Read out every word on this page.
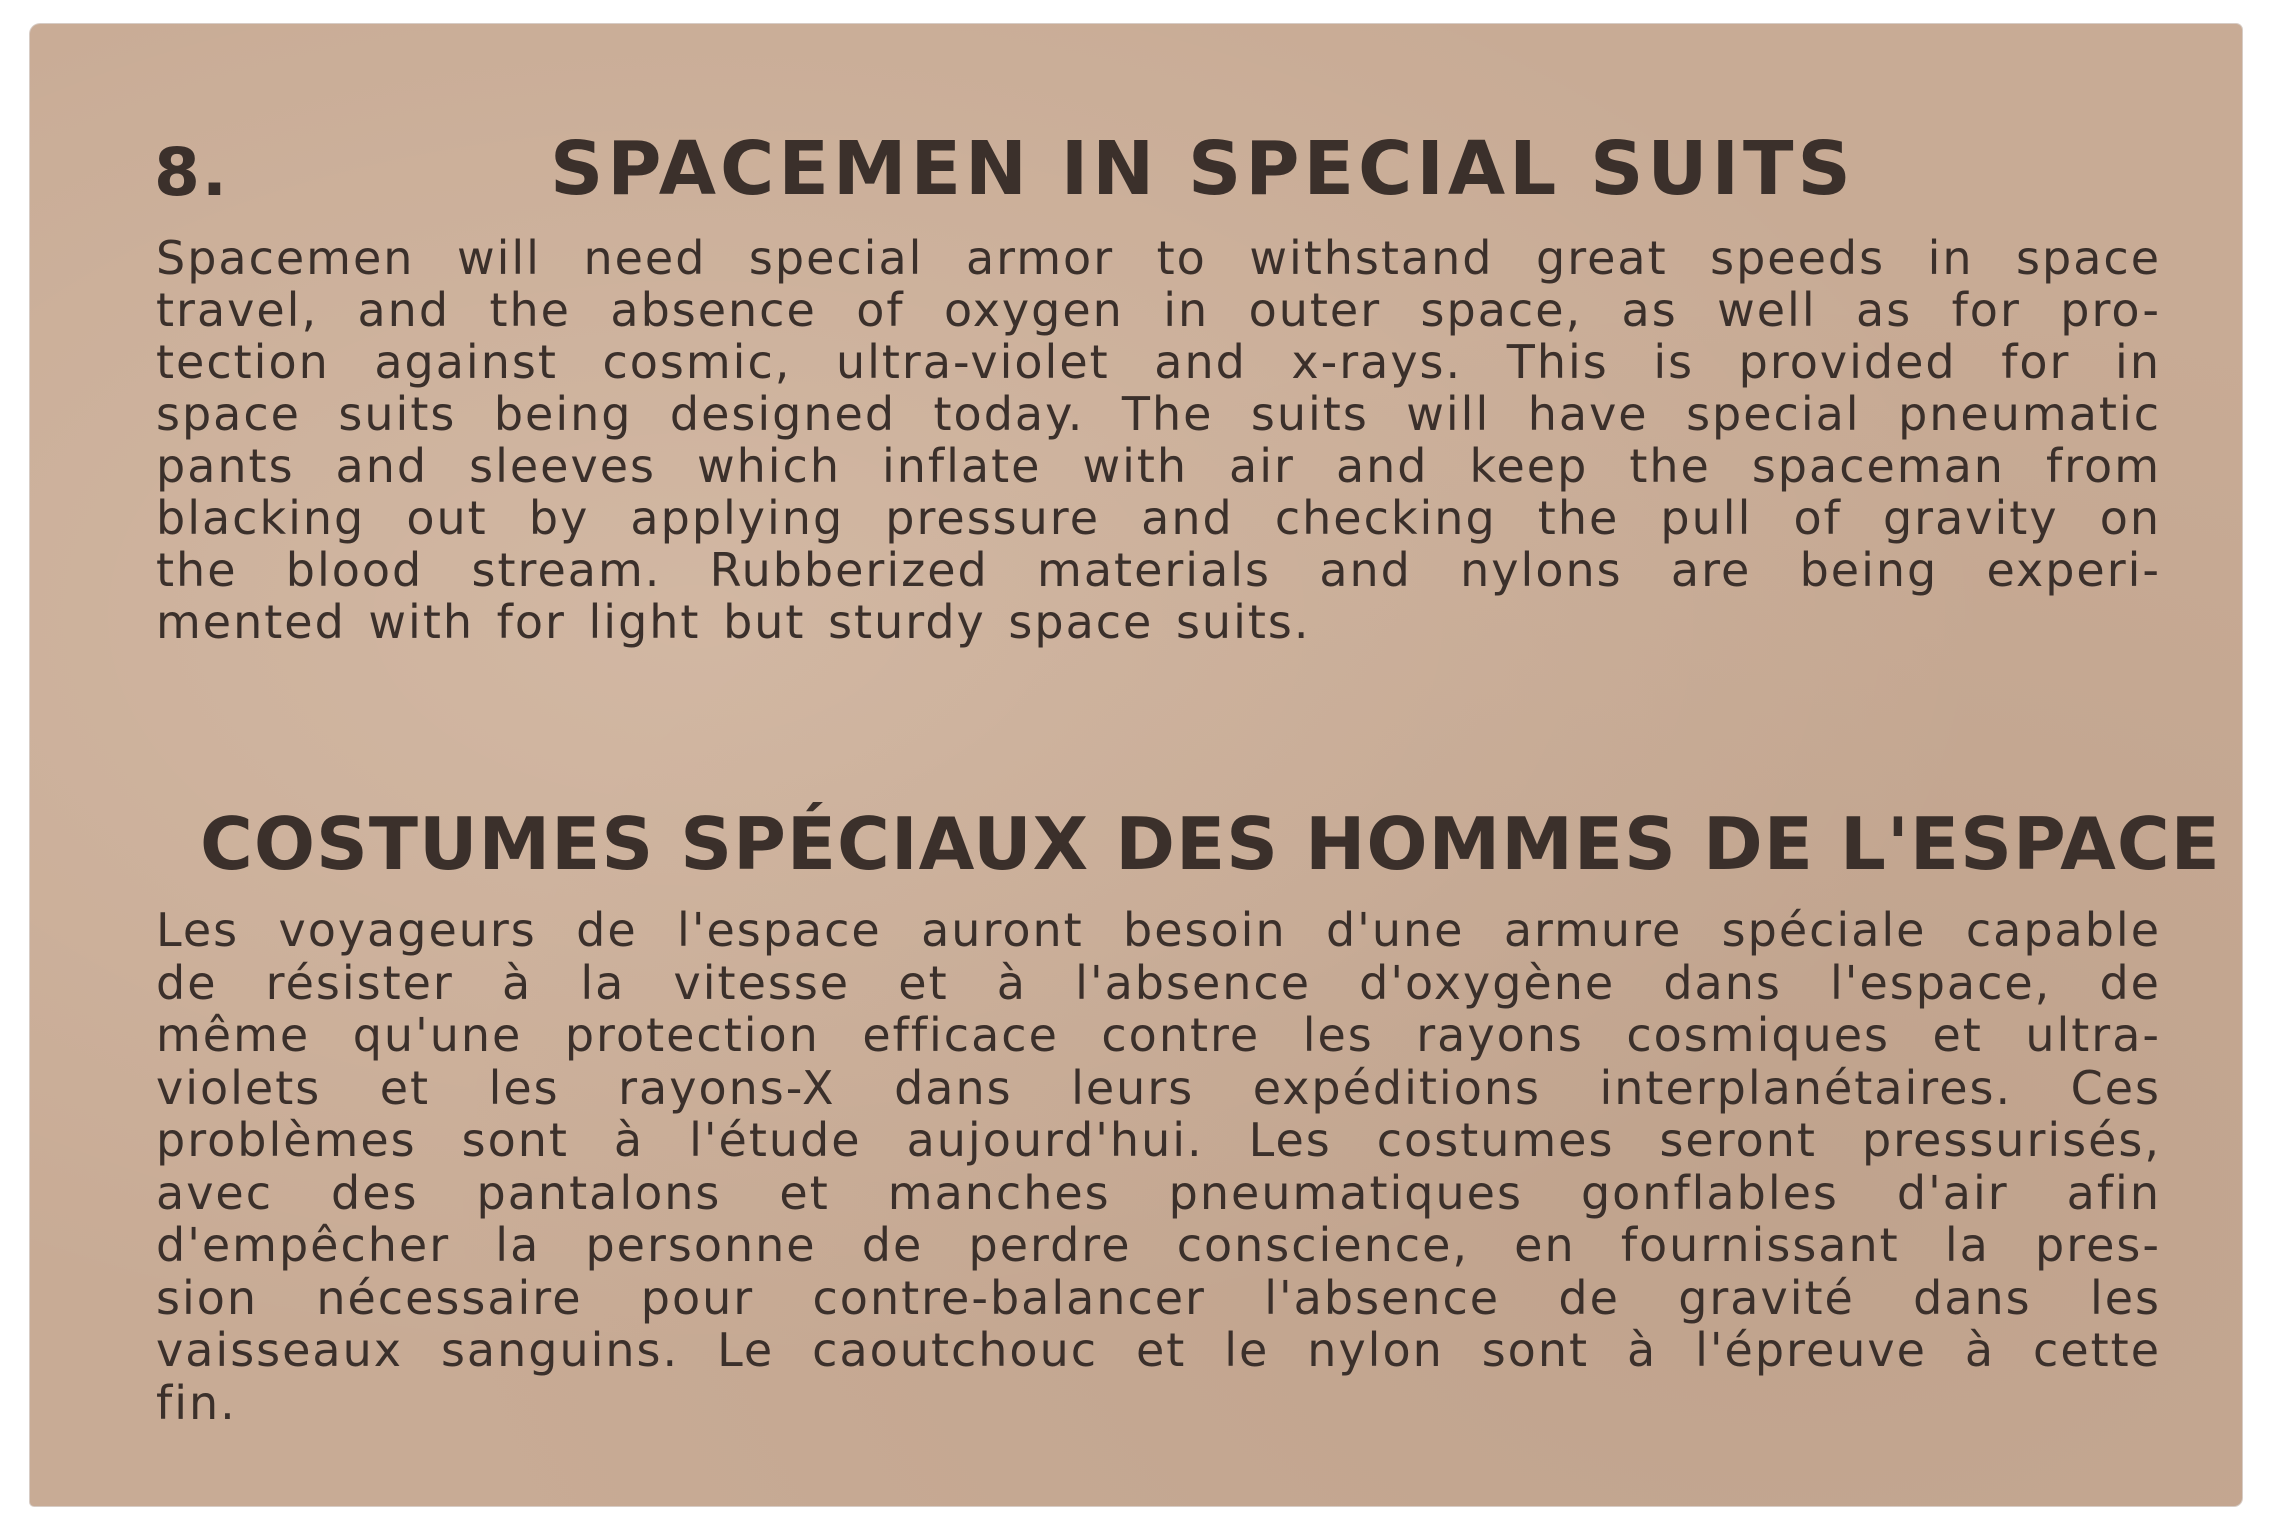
8.	SPACEMEN IN SPECIAL SUITS
Spacemen will need special armor to withstand great speeds in space
travel, and the absence of oxygen in outer space, as well as for pro-
tection against cosmic, ultra-violet and x-rays. This is provided for in
space suits being designed today. The suits will have special pneumatic
pants and sleeves which inflate with air and keep the spaceman from
blacking out by applying pressure and checking the pull of gravity on
the blood stream. Rubberized materials and nylons are being experi-
mented with for light but sturdy space suits.
COSTUMES SPÉCIAUX DES HOMMES DE L'ESPACE
Les voyageurs de l'espace auront besoin d'une armure spéciale capable
de résister à la vitesse et à l'absence d'oxygène dans l'espace, de
même qu'une protection efficace contre les rayons cosmiques et ultra-
violets et les rayons-X dans leurs expéditions interplanétaires. Ces
problèmes sont à l'étude aujourd'hui. Les costumes seront pressurisés,
avec des pantalons et manches pneumatiques gonflables d'air afin
d'empêcher la personne de perdre conscience, en fournissant la pres-
sion nécessaire pour contre-balancer l'absence de gravité dans les
vaisseaux sanguins. Le caoutchouc et le nylon sont à l'épreuve à cette
fin.
